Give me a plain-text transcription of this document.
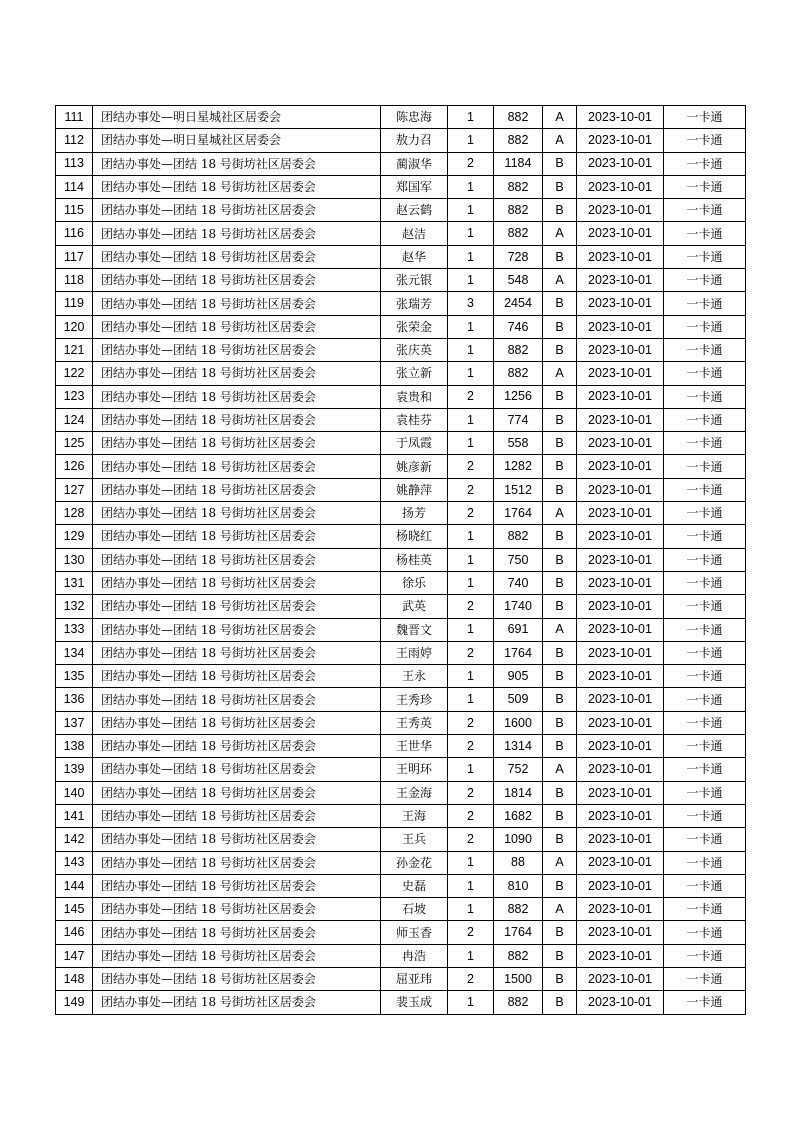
111	团结办事处—明日星城社区居委会	陈忠海	1	882	A	2023-10-01	一卡通
112	团结办事处—明日星城社区居委会	敖力召	1	882	A	2023-10-01	一卡通
113	团结办事处—团结 18 号街坊社区居委会	蔺淑华	2	1184	B	2023-10-01	一卡通
114	团结办事处—团结 18 号街坊社区居委会	郑国军	1	882	B	2023-10-01	一卡通
115	团结办事处—团结 18 号街坊社区居委会	赵云鹤	1	882	B	2023-10-01	一卡通
116	团结办事处—团结 18 号街坊社区居委会	赵洁	1	882	A	2023-10-01	一卡通
117	团结办事处—团结 18 号街坊社区居委会	赵华	1	728	B	2023-10-01	一卡通
118	团结办事处—团结 18 号街坊社区居委会	张元银	1	548	A	2023-10-01	一卡通
119	团结办事处—团结 18 号街坊社区居委会	张瑞芳	3	2454	B	2023-10-01	一卡通
120	团结办事处—团结 18 号街坊社区居委会	张荣金	1	746	B	2023-10-01	一卡通
121	团结办事处—团结 18 号街坊社区居委会	张庆英	1	882	B	2023-10-01	一卡通
122	团结办事处—团结 18 号街坊社区居委会	张立新	1	882	A	2023-10-01	一卡通
123	团结办事处—团结 18 号街坊社区居委会	袁贵和	2	1256	B	2023-10-01	一卡通
124	团结办事处—团结 18 号街坊社区居委会	袁桂芬	1	774	B	2023-10-01	一卡通
125	团结办事处—团结 18 号街坊社区居委会	于凤霞	1	558	B	2023-10-01	一卡通
126	团结办事处—团结 18 号街坊社区居委会	姚彦新	2	1282	B	2023-10-01	一卡通
127	团结办事处—团结 18 号街坊社区居委会	姚静萍	2	1512	B	2023-10-01	一卡通
128	团结办事处—团结 18 号街坊社区居委会	扬芳	2	1764	A	2023-10-01	一卡通
129	团结办事处—团结 18 号街坊社区居委会	杨晓红	1	882	B	2023-10-01	一卡通
130	团结办事处—团结 18 号街坊社区居委会	杨桂英	1	750	B	2023-10-01	一卡通
131	团结办事处—团结 18 号街坊社区居委会	徐乐	1	740	B	2023-10-01	一卡通
132	团结办事处—团结 18 号街坊社区居委会	武英	2	1740	B	2023-10-01	一卡通
133	团结办事处—团结 18 号街坊社区居委会	魏晋文	1	691	A	2023-10-01	一卡通
134	团结办事处—团结 18 号街坊社区居委会	王雨婷	2	1764	B	2023-10-01	一卡通
135	团结办事处—团结 18 号街坊社区居委会	王永	1	905	B	2023-10-01	一卡通
136	团结办事处—团结 18 号街坊社区居委会	王秀珍	1	509	B	2023-10-01	一卡通
137	团结办事处—团结 18 号街坊社区居委会	王秀英	2	1600	B	2023-10-01	一卡通
138	团结办事处—团结 18 号街坊社区居委会	王世华	2	1314	B	2023-10-01	一卡通
139	团结办事处—团结 18 号街坊社区居委会	王明环	1	752	A	2023-10-01	一卡通
140	团结办事处—团结 18 号街坊社区居委会	王金海	2	1814	B	2023-10-01	一卡通
141	团结办事处—团结 18 号街坊社区居委会	王海	2	1682	B	2023-10-01	一卡通
142	团结办事处—团结 18 号街坊社区居委会	王兵	2	1090	B	2023-10-01	一卡通
143	团结办事处—团结 18 号街坊社区居委会	孙金花	1	88	A	2023-10-01	一卡通
144	团结办事处—团结 18 号街坊社区居委会	史磊	1	810	B	2023-10-01	一卡通
145	团结办事处—团结 18 号街坊社区居委会	石坡	1	882	A	2023-10-01	一卡通
146	团结办事处—团结 18 号街坊社区居委会	师玉香	2	1764	B	2023-10-01	一卡通
147	团结办事处—团结 18 号街坊社区居委会	冉浩	1	882	B	2023-10-01	一卡通
148	团结办事处—团结 18 号街坊社区居委会	屈亚玮	2	1500	B	2023-10-01	一卡通
149	团结办事处—团结 18 号街坊社区居委会	裴玉成	1	882	B	2023-10-01	一卡通
